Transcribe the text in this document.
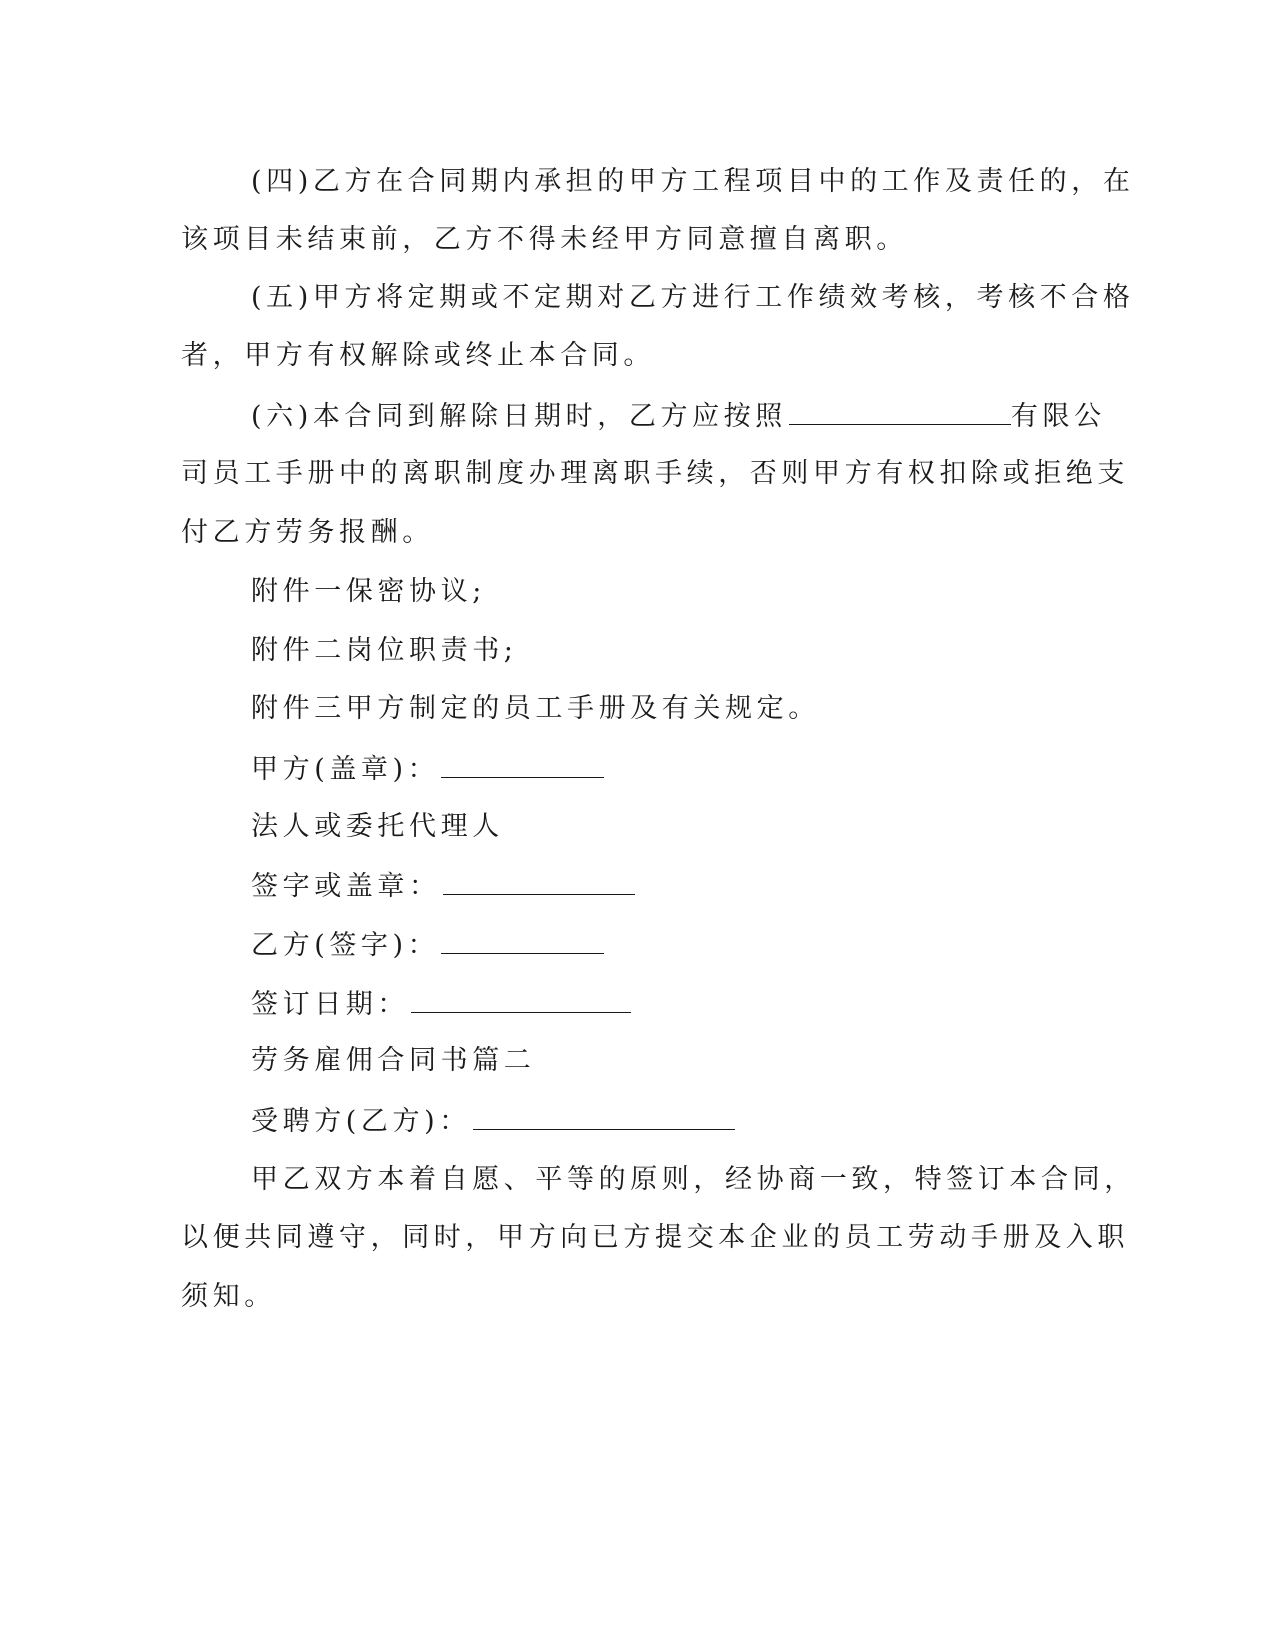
(四)乙方在合同期内承担的甲方工程项目中的工作及责任的，在
该项目未结束前，乙方不得未经甲方同意擅自离职。
(五)甲方将定期或不定期对乙方进行工作绩效考核，考核不合格
者，甲方有权解除或终止本合同。
(六)本合同到解除日期时，乙方应按照	有限公
司员工手册中的离职制度办理离职手续，否则甲方有权扣除或拒绝支
付乙方劳务报酬。
附件一保密协议;
附件二岗位职责书;
附件三甲方制定的员工手册及有关规定。
甲方(盖章)：
法人或委托代理人
签字或盖章：
乙方(签字)：
签订日期：
劳务雇佣合同书篇二
受聘方(乙方)：
甲乙双方本着自愿、平等的原则，经协商一致，特签订本合同，
以便共同遵守，同时，甲方向已方提交本企业的员工劳动手册及入职
须知。
